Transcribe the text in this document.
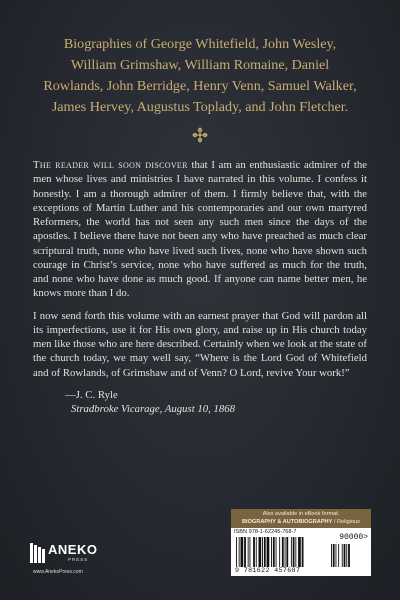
Biographies of George Whitefield, John Wesley,
William Grimshaw, William Romaine, Daniel
Rowlands, John Berridge, Henry Venn, Samuel Walker,
James Hervey, Augustus Toplady, and John Fletcher.

The reader will soon discover that I am an enthusiastic admirer of the men whose lives and ministries I have narrated in this volume. I confess it honestly. I am a thorough admirer of them. I firmly believe that, with the exceptions of Martin Luther and his contemporaries and our own martyred Reformers, the world has not seen any such men since the days of the apostles. I believe there have not been any who have preached as much clear scriptural truth, none who have lived such lives, none who have shown such courage in Christ’s service, none who have suffered as much for the truth, and none who have done as much good. If anyone can name better men, he knows more than I do.

I now send forth this volume with an earnest prayer that God will pardon all its imperfections, use it for His own glory, and raise up in His church today men like those who are here described. Certainly when we look at the state of the church today, we may well say, “Where is the Lord God of Whitefield and of Rowlands, of Grimshaw and of Venn? O Lord, revive Your work!”

—J. C. Ryle
Stradbroke Vicarage, August 10, 1868
Also available in eBook format.
BIOGRAPHY & AUTOBIOGRAPHY / Religious
ISBN 978-1-62245-768-7
90000>
9 781622 457687
ANEKO
PRESS
www.AnekoPress.com
